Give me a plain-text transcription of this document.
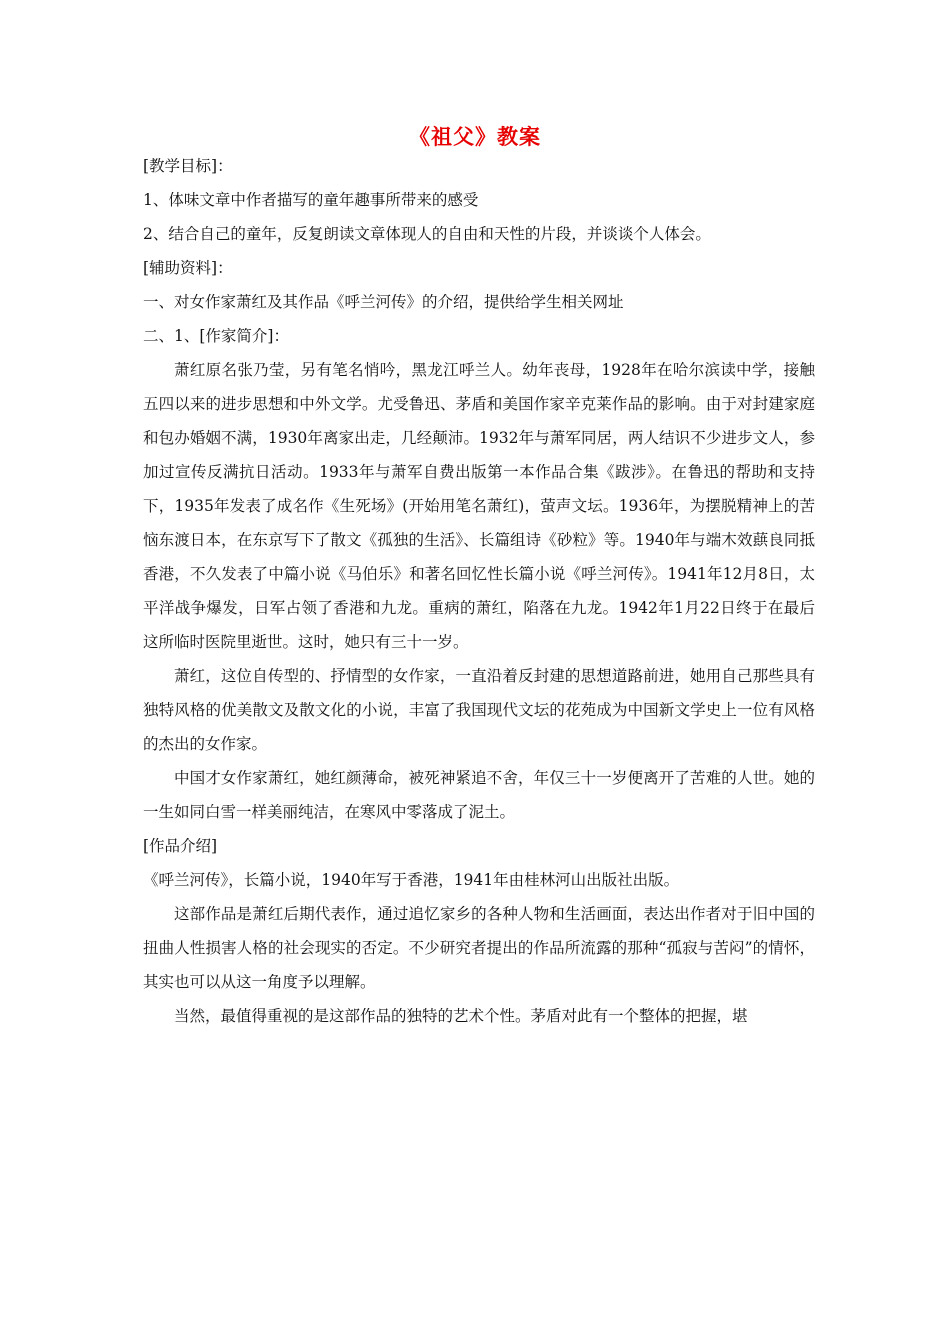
《祖父》教案
[教学目标]：
1、体味文章中作者描写的童年趣事所带来的感受
2、结合自己的童年，反复朗读文章体现人的自由和天性的片段，并谈谈个人体会。
[辅助资料]：
一、对女作家萧红及其作品《呼兰河传》的介绍，提供给学生相关网址
二、1、[作家简介]：
萧红原名张乃莹，另有笔名悄吟，黑龙江呼兰人。幼年丧母，1928年在哈尔滨读中学，接触五四以来的进步思想和中外文学。尤受鲁迅、茅盾和美国作家辛克莱作品的影响。由于对封建家庭和包办婚姻不满，1930年离家出走，几经颠沛。1932年与萧军同居，两人结识不少进步文人，参加过宣传反满抗日活动。1933年与萧军自费出版第一本作品合集《跋涉》。在鲁迅的帮助和支持下，1935年发表了成名作《生死场》(开始用笔名萧红)，萤声文坛。1936年，为摆脱精神上的苦恼东渡日本，在东京写下了散文《孤独的生活》、长篇组诗《砂粒》等。1940年与端木效蕻良同抵香港，不久发表了中篇小说《马伯乐》和著名回忆性长篇小说《呼兰河传》。1941年12月8日，太平洋战争爆发，日军占领了香港和九龙。重病的萧红，陷落在九龙。1942年1月22日终于在最后这所临时医院里逝世。这时，她只有三十一岁。
萧红，这位自传型的、抒情型的女作家，一直沿着反封建的思想道路前进，她用自己那些具有独特风格的优美散文及散文化的小说，丰富了我国现代文坛的花苑成为中国新文学史上一位有风格的杰出的女作家。
中国才女作家萧红，她红颜薄命，被死神紧追不舍，年仅三十一岁便离开了苦难的人世。她的一生如同白雪一样美丽纯洁，在寒风中零落成了泥土。
[作品介绍]
《呼兰河传》，长篇小说，1940年写于香港，1941年由桂林河山出版社出版。
这部作品是萧红后期代表作，通过追忆家乡的各种人物和生活画面，表达出作者对于旧中国的扭曲人性损害人格的社会现实的否定。不少研究者提出的作品所流露的那种“孤寂与苦闷”的情怀，其实也可以从这一角度予以理解。
当然，最值得重视的是这部作品的独特的艺术个性。茅盾对此有一个整体的把握，堪
